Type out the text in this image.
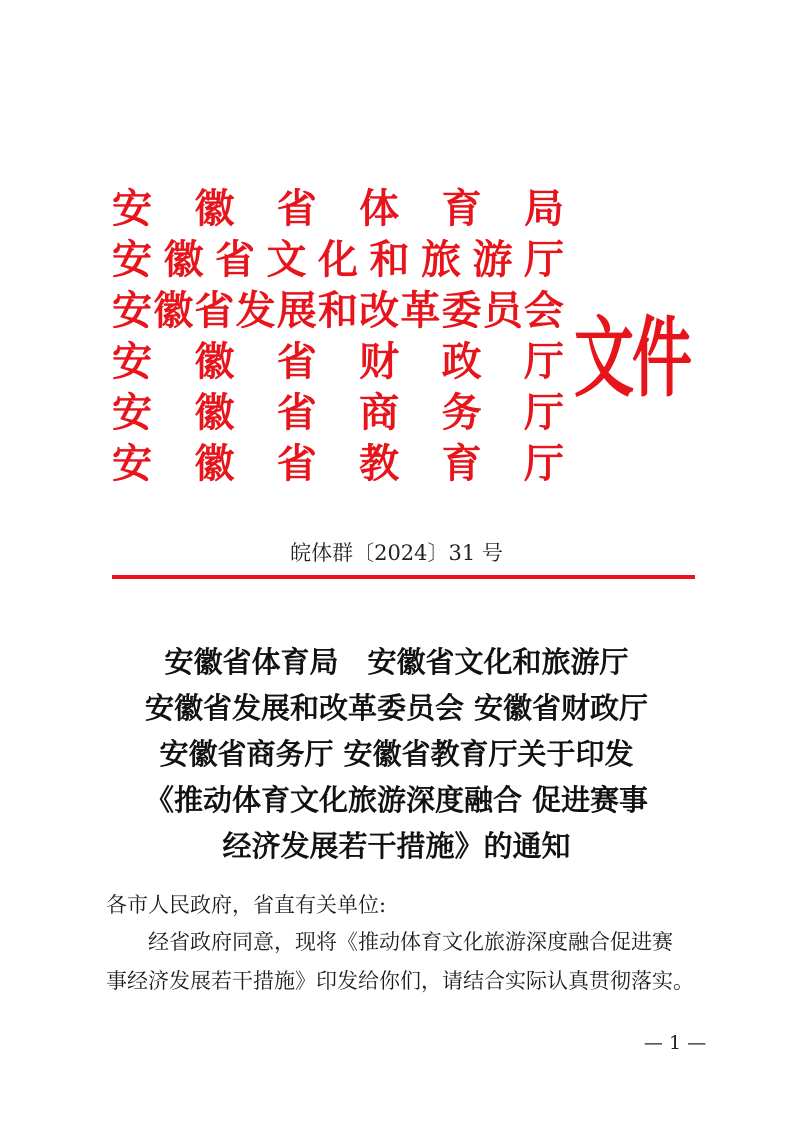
安 徽 省 体 育 局
安 徽 省 文 化 和 旅 游 厅
安 徽 省 发 展 和 改 革 委 员 会
安 徽 省 财 政 厅
安 徽 省 商 务 厅
安 徽 省 教 育 厅
文件
皖体群〔2024〕31 号
安徽省体育局　安徽省文化和旅游厅
安徽省发展和改革委员会 安徽省财政厅
安徽省商务厅 安徽省教育厅关于印发
《推动体育文化旅游深度融合 促进赛事
经济发展若干措施》的通知
各市人民政府，省直有关单位:
经省政府同意，现将《推动体育文化旅游深度融合促进赛
事经济发展若干措施》印发给你们，请结合实际认真贯彻落实。
— 1 —
